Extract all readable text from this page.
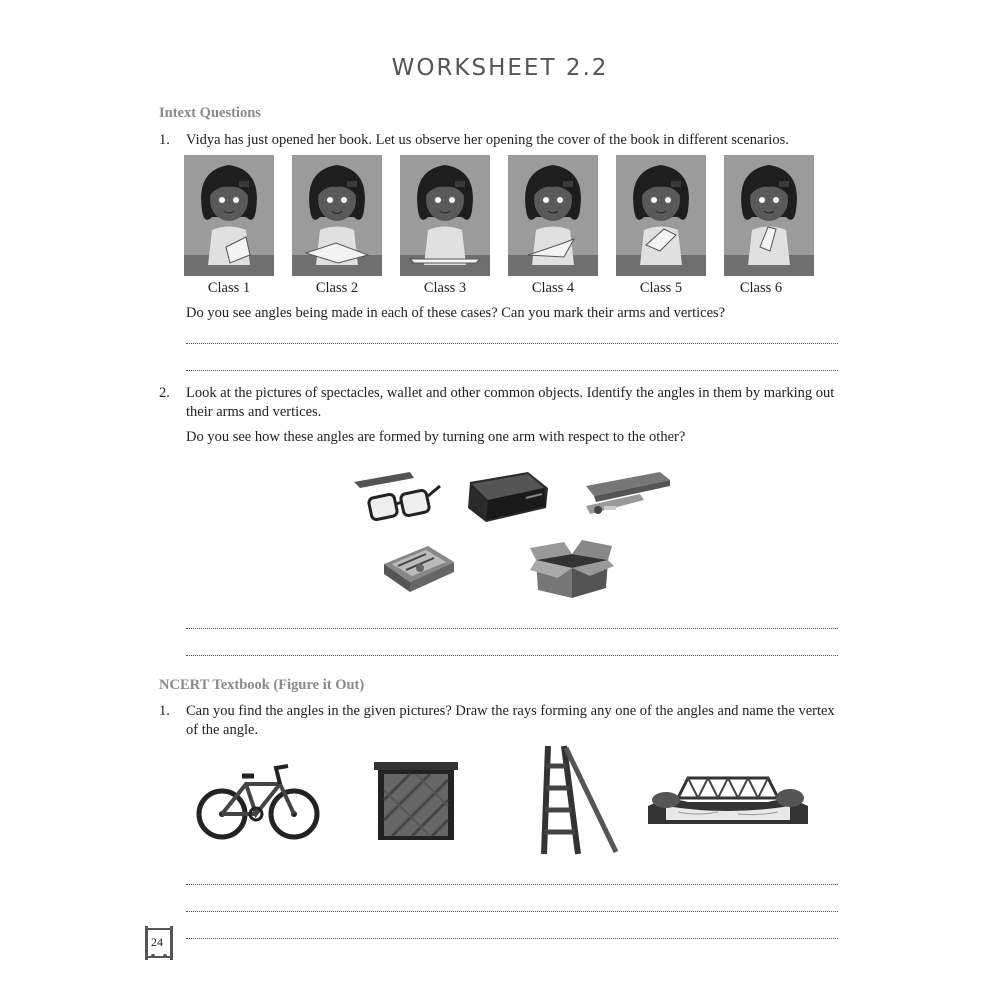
WORKSHEET 2.2
Intext Questions
1. Vidya has just opened her book. Let us observe her opening the cover of the book in different scenarios.
Class 1	Class 2	Class 3	Class 4	Class 5	Class 6
Do you see angles being made in each of these cases? Can you mark their arms and vertices?
2. Look at the pictures of spectacles, wallet and other common objects. Identify the angles in them by marking out their arms and vertices.
Do you see how these angles are formed by turning one arm with respect to the other?
NCERT Textbook (Figure it Out)
1. Can you find the angles in the given pictures? Draw the rays forming any one of the angles and name the vertex of the angle.
24
